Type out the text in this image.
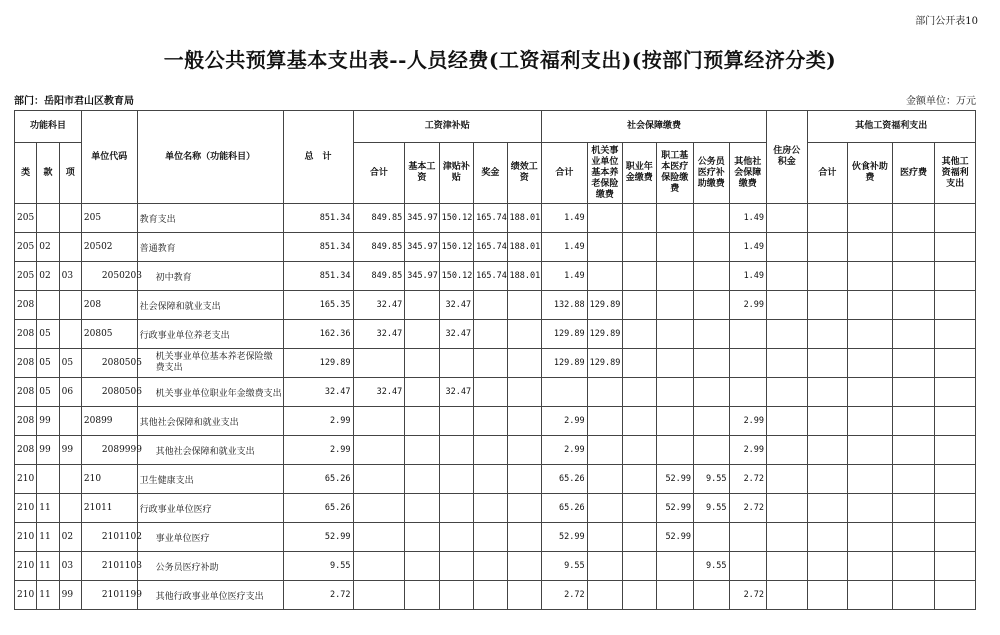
部门公开表10
一般公共预算基本支出表--人员经费(工资福利支出)(按部门预算经济分类)
部门：岳阳市君山区教育局	金额单位：万元
功能科目			单位代码	单位名称（功能科目）	总　计	工资津补贴					社会保障缴费						住房公积金	其他工资福利支出			
类	款	项				合计	基本工资	津贴补贴	奖金	绩效工资	合计	机关事业单位基本养老保险缴费	职业年金缴费	职工基本医疗保险缴费	公务员医疗补助缴费	其他社会保障缴费		合计	伙食补助费	医疗费	其他工资福利支出
205			205	教育支出	851.34	849.85	345.97	150.12	165.74	188.01	1.49					1.49					
205	02		20502	普通教育	851.34	849.85	345.97	150.12	165.74	188.01	1.49					1.49					
205	02	03	2050203	初中教育	851.34	849.85	345.97	150.12	165.74	188.01	1.49					1.49					
208			208	社会保障和就业支出	165.35	32.47		32.47			132.88	129.89				2.99					
208	05		20805	行政事业单位养老支出	162.36	32.47		32.47			129.89	129.89									
208	05	05	2080505	机关事业单位基本养老保险缴费支出	129.89						129.89	129.89									
208	05	06	2080506	机关事业单位职业年金缴费支出	32.47	32.47		32.47													
208	99		20899	其他社会保障和就业支出	2.99						2.99					2.99					
208	99	99	2089999	其他社会保障和就业支出	2.99						2.99					2.99					
210			210	卫生健康支出	65.26						65.26			52.99	9.55	2.72					
210	11		21011	行政事业单位医疗	65.26						65.26			52.99	9.55	2.72					
210	11	02	2101102	事业单位医疗	52.99						52.99			52.99							
210	11	03	2101103	公务员医疗补助	9.55						9.55				9.55						
210	11	99	2101199	其他行政事业单位医疗支出	2.72						2.72					2.72					
